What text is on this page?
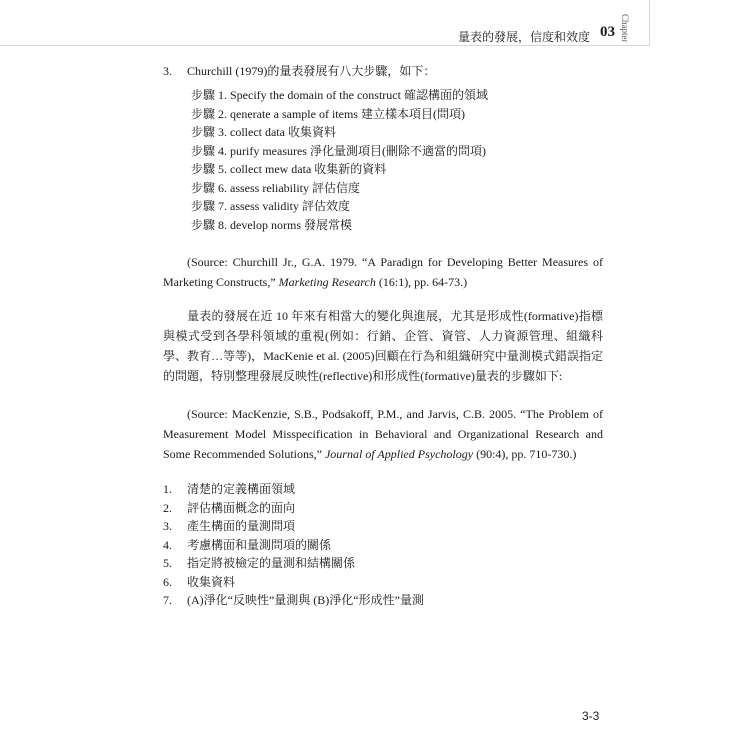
量表的發展，信度和效度 03 Chapter
3.	Churchill (1979)的量表發展有八大步驟，如下：
步驟 1. Specify the domain of the construct 確認構面的領域
步驟 2. qenerate a sample of items 建立樣本項目(問項)
步驟 3. collect data 收集資料
步驟 4. purify measures 淨化量測項目(刪除不適當的問項)
步驟 5. collect mew data 收集新的資料
步驟 6. assess reliability 評估信度
步驟 7. assess validity 評估效度
步驟 8. develop norms 發展常模
(Source: Churchill Jr., G.A. 1979. “A Paradign for Developing Better Measures of Marketing Constructs,” Marketing Research (16:1), pp. 64-73.)
量表的發展在近 10 年來有相當大的變化與進展，尤其是形成性(formative)指標與模式受到各學科領域的重視(例如：行銷、企管、資管、人力資源管理、組織科學、教育…等等)，MacKenie et al. (2005)回顧在行為和組織研究中量測模式錯誤指定的問題，特別整理發展反映性(reflective)和形成性(formative)量表的步驟如下:
(Source: MacKenzie, S.B., Podsakoff, P.M., and Jarvis, C.B. 2005. “The Problem of Measurement Model Misspecification in Behavioral and Organizational Research and Some Recommended Solutions,” Journal of Applied Psychology (90:4), pp. 710-730.)
1.	清楚的定義構面領域
2.	評估構面概念的面向
3.	產生構面的量測問項
4.	考慮構面和量測問項的關係
5.	指定將被檢定的量測和結構關係
6.	收集資料
7.	(A)淨化“反映性”量測與 (B)淨化“形成性”量測
3-3
